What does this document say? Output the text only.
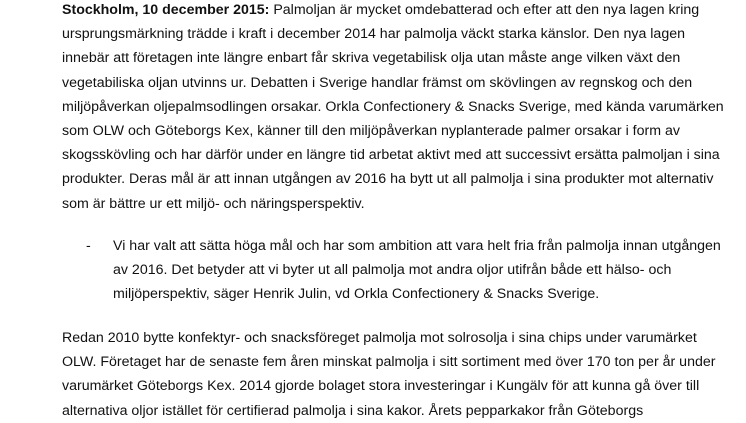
Stockholm, 10 december 2015: Palmoljan är mycket omdebatterad och efter att den nya lagen kring ursprungsmärkning trädde i kraft i december 2014 har palmolja väckt starka känslor. Den nya lagen innebär att företagen inte längre enbart får skriva vegetabilisk olja utan måste ange vilken växt den vegetabiliska oljan utvinns ur. Debatten i Sverige handlar främst om skövlingen av regnskog och den miljöpåverkan oljepalmsodlingen orsakar. Orkla Confectionery & Snacks Sverige, med kända varumärken som OLW och Göteborgs Kex, känner till den miljöpåverkan nyplanterade palmer orsakar i form av skogsskövling och har därför under en längre tid arbetat aktivt med att successivt ersätta palmoljan i sina produkter. Deras mål är att innan utgången av 2016 ha bytt ut all palmolja i sina produkter mot alternativ som är bättre ur ett miljö- och näringsperspektiv.

- Vi har valt att sätta höga mål och har som ambition att vara helt fria från palmolja innan utgången av 2016. Det betyder att vi byter ut all palmolja mot andra oljor utifrån både ett hälso- och miljöperspektiv, säger Henrik Julin, vd Orkla Confectionery & Snacks Sverige.

Redan 2010 bytte konfektyr- och snacksföreget palmolja mot solrosolja i sina chips under varumärket OLW. Företaget har de senaste fem åren minskat palmolja i sitt sortiment med över 170 ton per år under varumärket Göteborgs Kex. 2014 gjorde bolaget stora investeringar i Kungälv för att kunna gå över till alternativa oljor istället för certifierad palmolja i sina kakor. Årets pepparkakor från Göteborgs
